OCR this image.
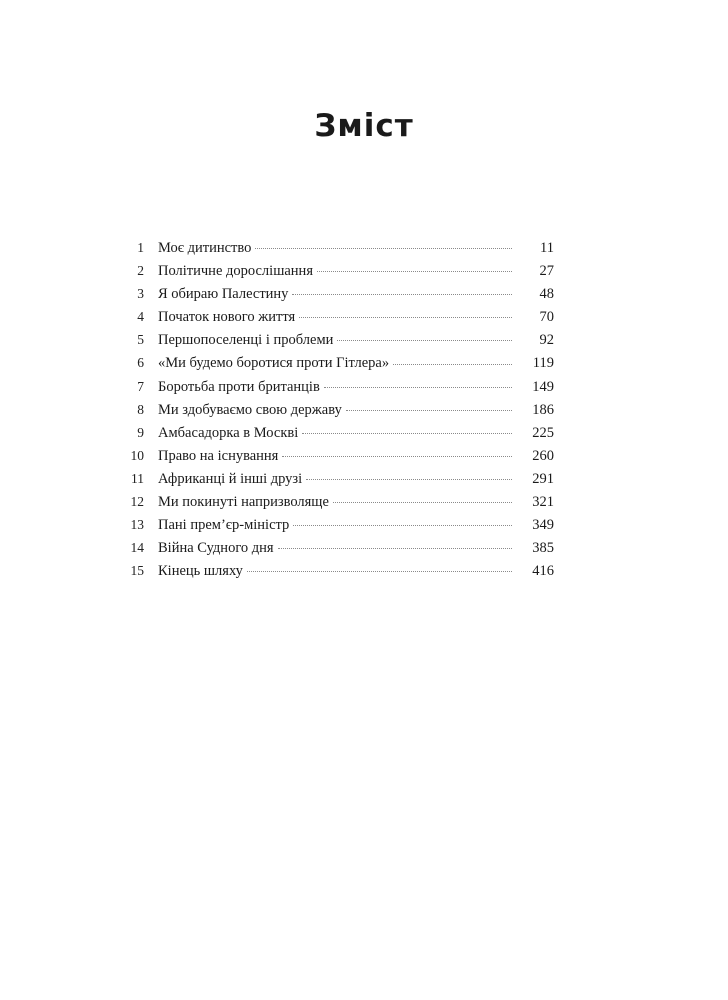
Зміст
1 Моє дитинство	11
2 Політичне дорослішання	27
3 Я обираю Палестину	48
4 Початок нового життя	70
5 Першопоселенці і проблеми	92
6 «Ми будемо боротися проти Гітлера»	119
7 Боротьба проти британців	149
8 Ми здобуваємо свою державу	186
9 Амбасадорка в Москві	225
10 Право на існування	260
11 Африканці й інші друзі	291
12 Ми покинуті напризволяще	321
13 Пані прем’єр-міністр	349
14 Війна Судного дня	385
15 Кінець шляху	416
